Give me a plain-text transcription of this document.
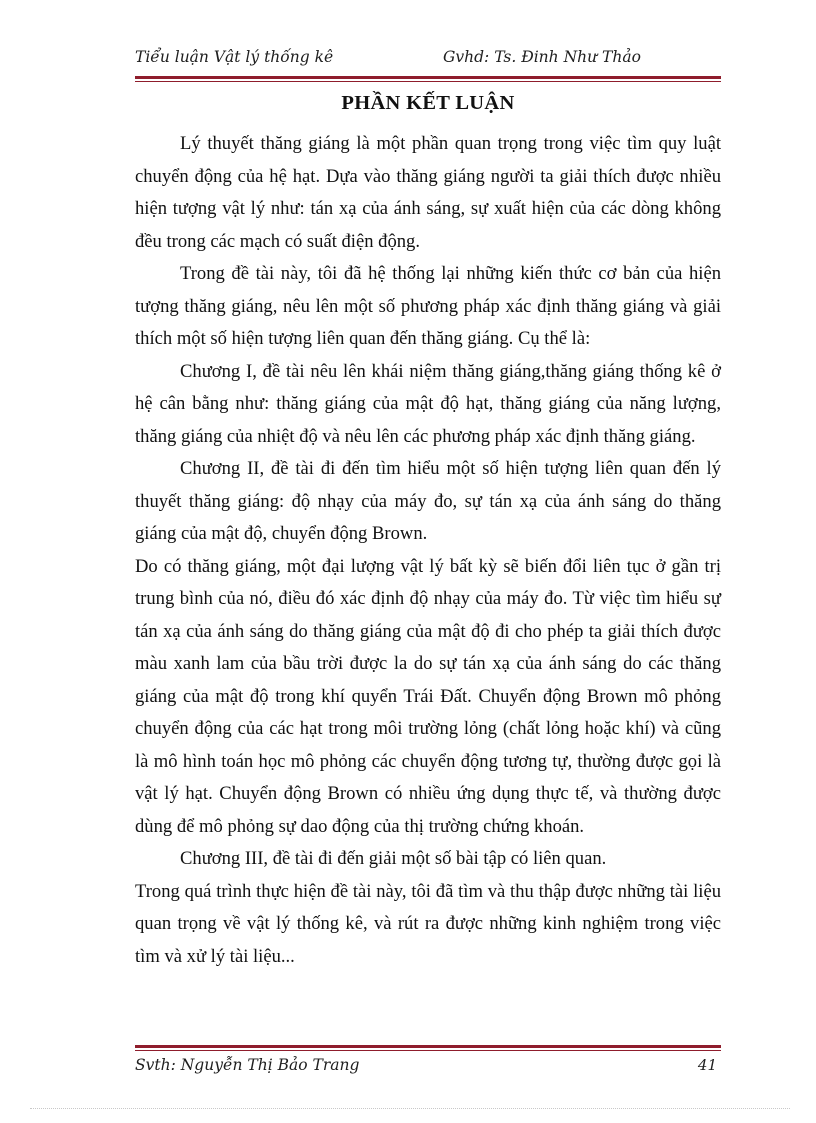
Tiểu luận Vật lý thống kê	Gvhd: Ts. Đinh Như Thảo
PHẦN KẾT LUẬN

Lý thuyết thăng giáng là một phần quan trọng trong việc tìm quy luật chuyển động của hệ hạt. Dựa vào thăng giáng người ta giải thích được nhiều hiện tượng vật lý như: tán xạ của ánh sáng, sự xuất hiện của các dòng không đều trong các mạch có suất điện động.

Trong đề tài này, tôi đã hệ thống lại những kiến thức cơ bản của hiện tượng thăng giáng, nêu lên một số phương pháp xác định thăng giáng và giải thích một số hiện tượng liên quan đến thăng giáng. Cụ thể là:

Chương I, đề tài nêu lên khái niệm thăng giáng,thăng giáng thống kê ở hệ cân bằng như: thăng giáng của mật độ hạt, thăng giáng của năng lượng, thăng giáng của nhiệt độ và nêu lên các phương pháp xác định thăng giáng.

Chương II, đề tài đi đến tìm hiểu một số hiện tượng liên quan đến lý thuyết thăng giáng: độ nhạy của máy đo, sự tán xạ của ánh sáng do thăng giáng của mật độ, chuyển động Brown.

Do có thăng giáng, một đại lượng vật lý bất kỳ sẽ biến đổi liên tục ở gần trị trung bình của nó, điều đó xác định độ nhạy của máy đo. Từ việc tìm hiểu sự tán xạ của ánh sáng do thăng giáng của mật độ đi cho phép ta giải thích được màu xanh lam của bầu trời được la do sự tán xạ của ánh sáng do các thăng giáng của mật độ trong khí quyển Trái Đất. Chuyển động Brown mô phỏng chuyển động của các hạt trong môi trường lỏng (chất lỏng hoặc khí) và cũng là mô hình toán học mô phỏng các chuyển động tương tự, thường được gọi là vật lý hạt. Chuyển động Brown có nhiều ứng dụng thực tế, và thường được dùng để mô phỏng sự dao động của thị trường chứng khoán.

Chương III, đề tài đi đến giải một số bài tập có liên quan.

Trong quá trình thực hiện đề tài này, tôi đã tìm và thu thập được những tài liệu quan trọng về vật lý thống kê, và rút ra được những kinh nghiệm trong việc tìm và xử lý tài liệu...

Svth: Nguyễn Thị Bảo Trang	41
